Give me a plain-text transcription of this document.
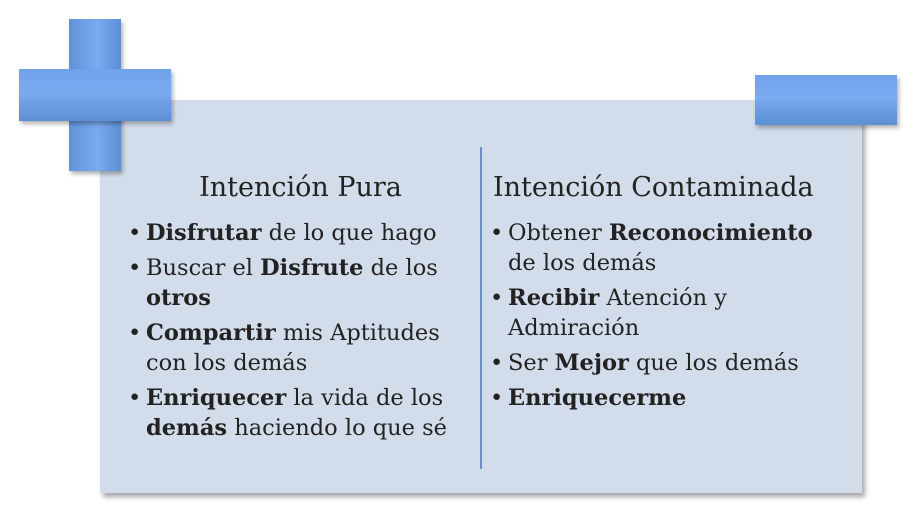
Intención Pura
• Disfrutar de lo que hago
• Buscar el Disfrute de los otros
• Compartir mis Aptitudes con los demás
• Enriquecer la vida de los demás haciendo lo que sé
Intención Contaminada
• Obtener Reconocimiento de los demás
• Recibir Atención y Admiración
• Ser Mejor que los demás
• Enriquecerme
